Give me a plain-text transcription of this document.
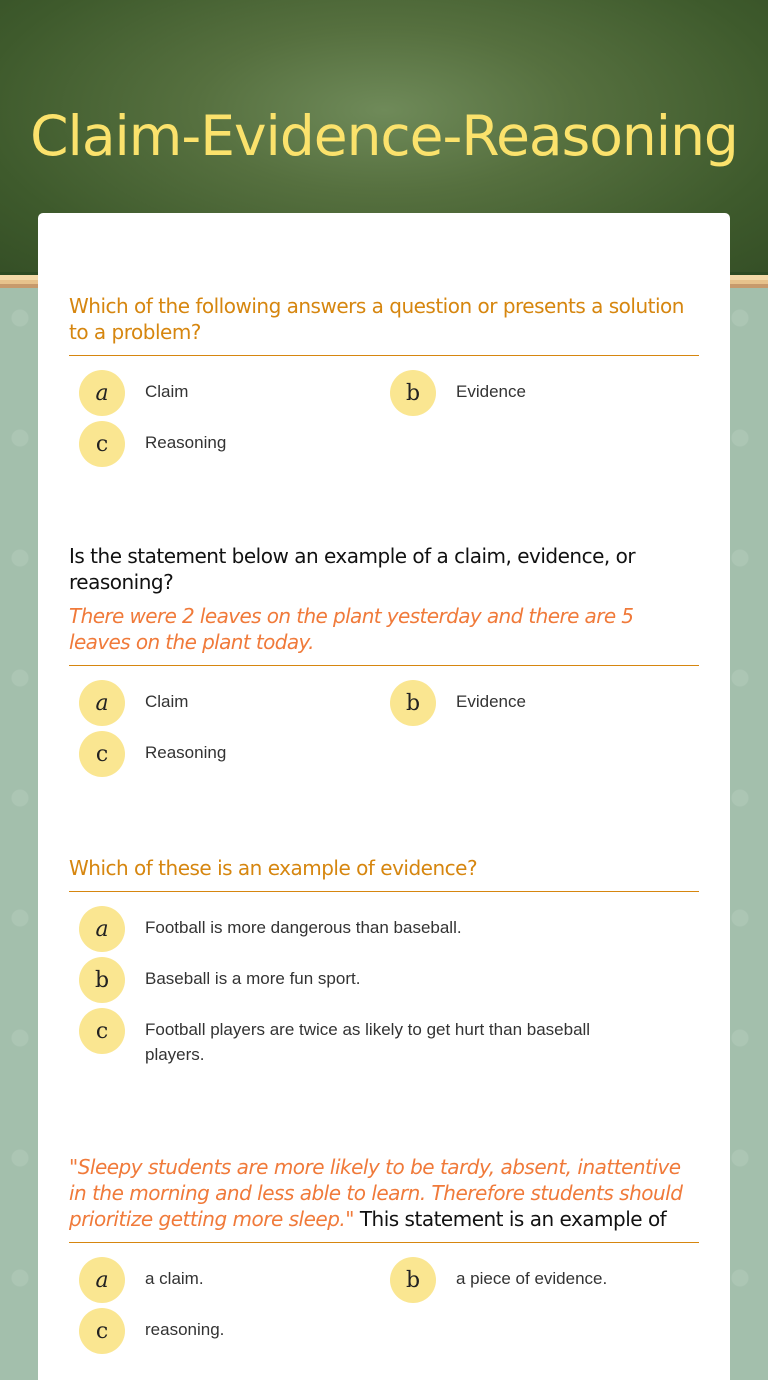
Claim-Evidence-Reasoning
Which of the following answers a question or presents a solution to a problem?
a	Claim	b	Evidence
c	Reasoning
Is the statement below an example of a claim, evidence, or reasoning?
There were 2 leaves on the plant yesterday and there are 5 leaves on the plant today.
a	Claim	b	Evidence
c	Reasoning
Which of these is an example of evidence?
a	Football is more dangerous than baseball.
b	Baseball is a more fun sport.
c	Football players are twice as likely to get hurt than baseball players.
"Sleepy students are more likely to be tardy, absent, inattentive in the morning and less able to learn. Therefore students should prioritize getting more sleep." This statement is an example of
a	a claim.	b	a piece of evidence.
c	reasoning.
